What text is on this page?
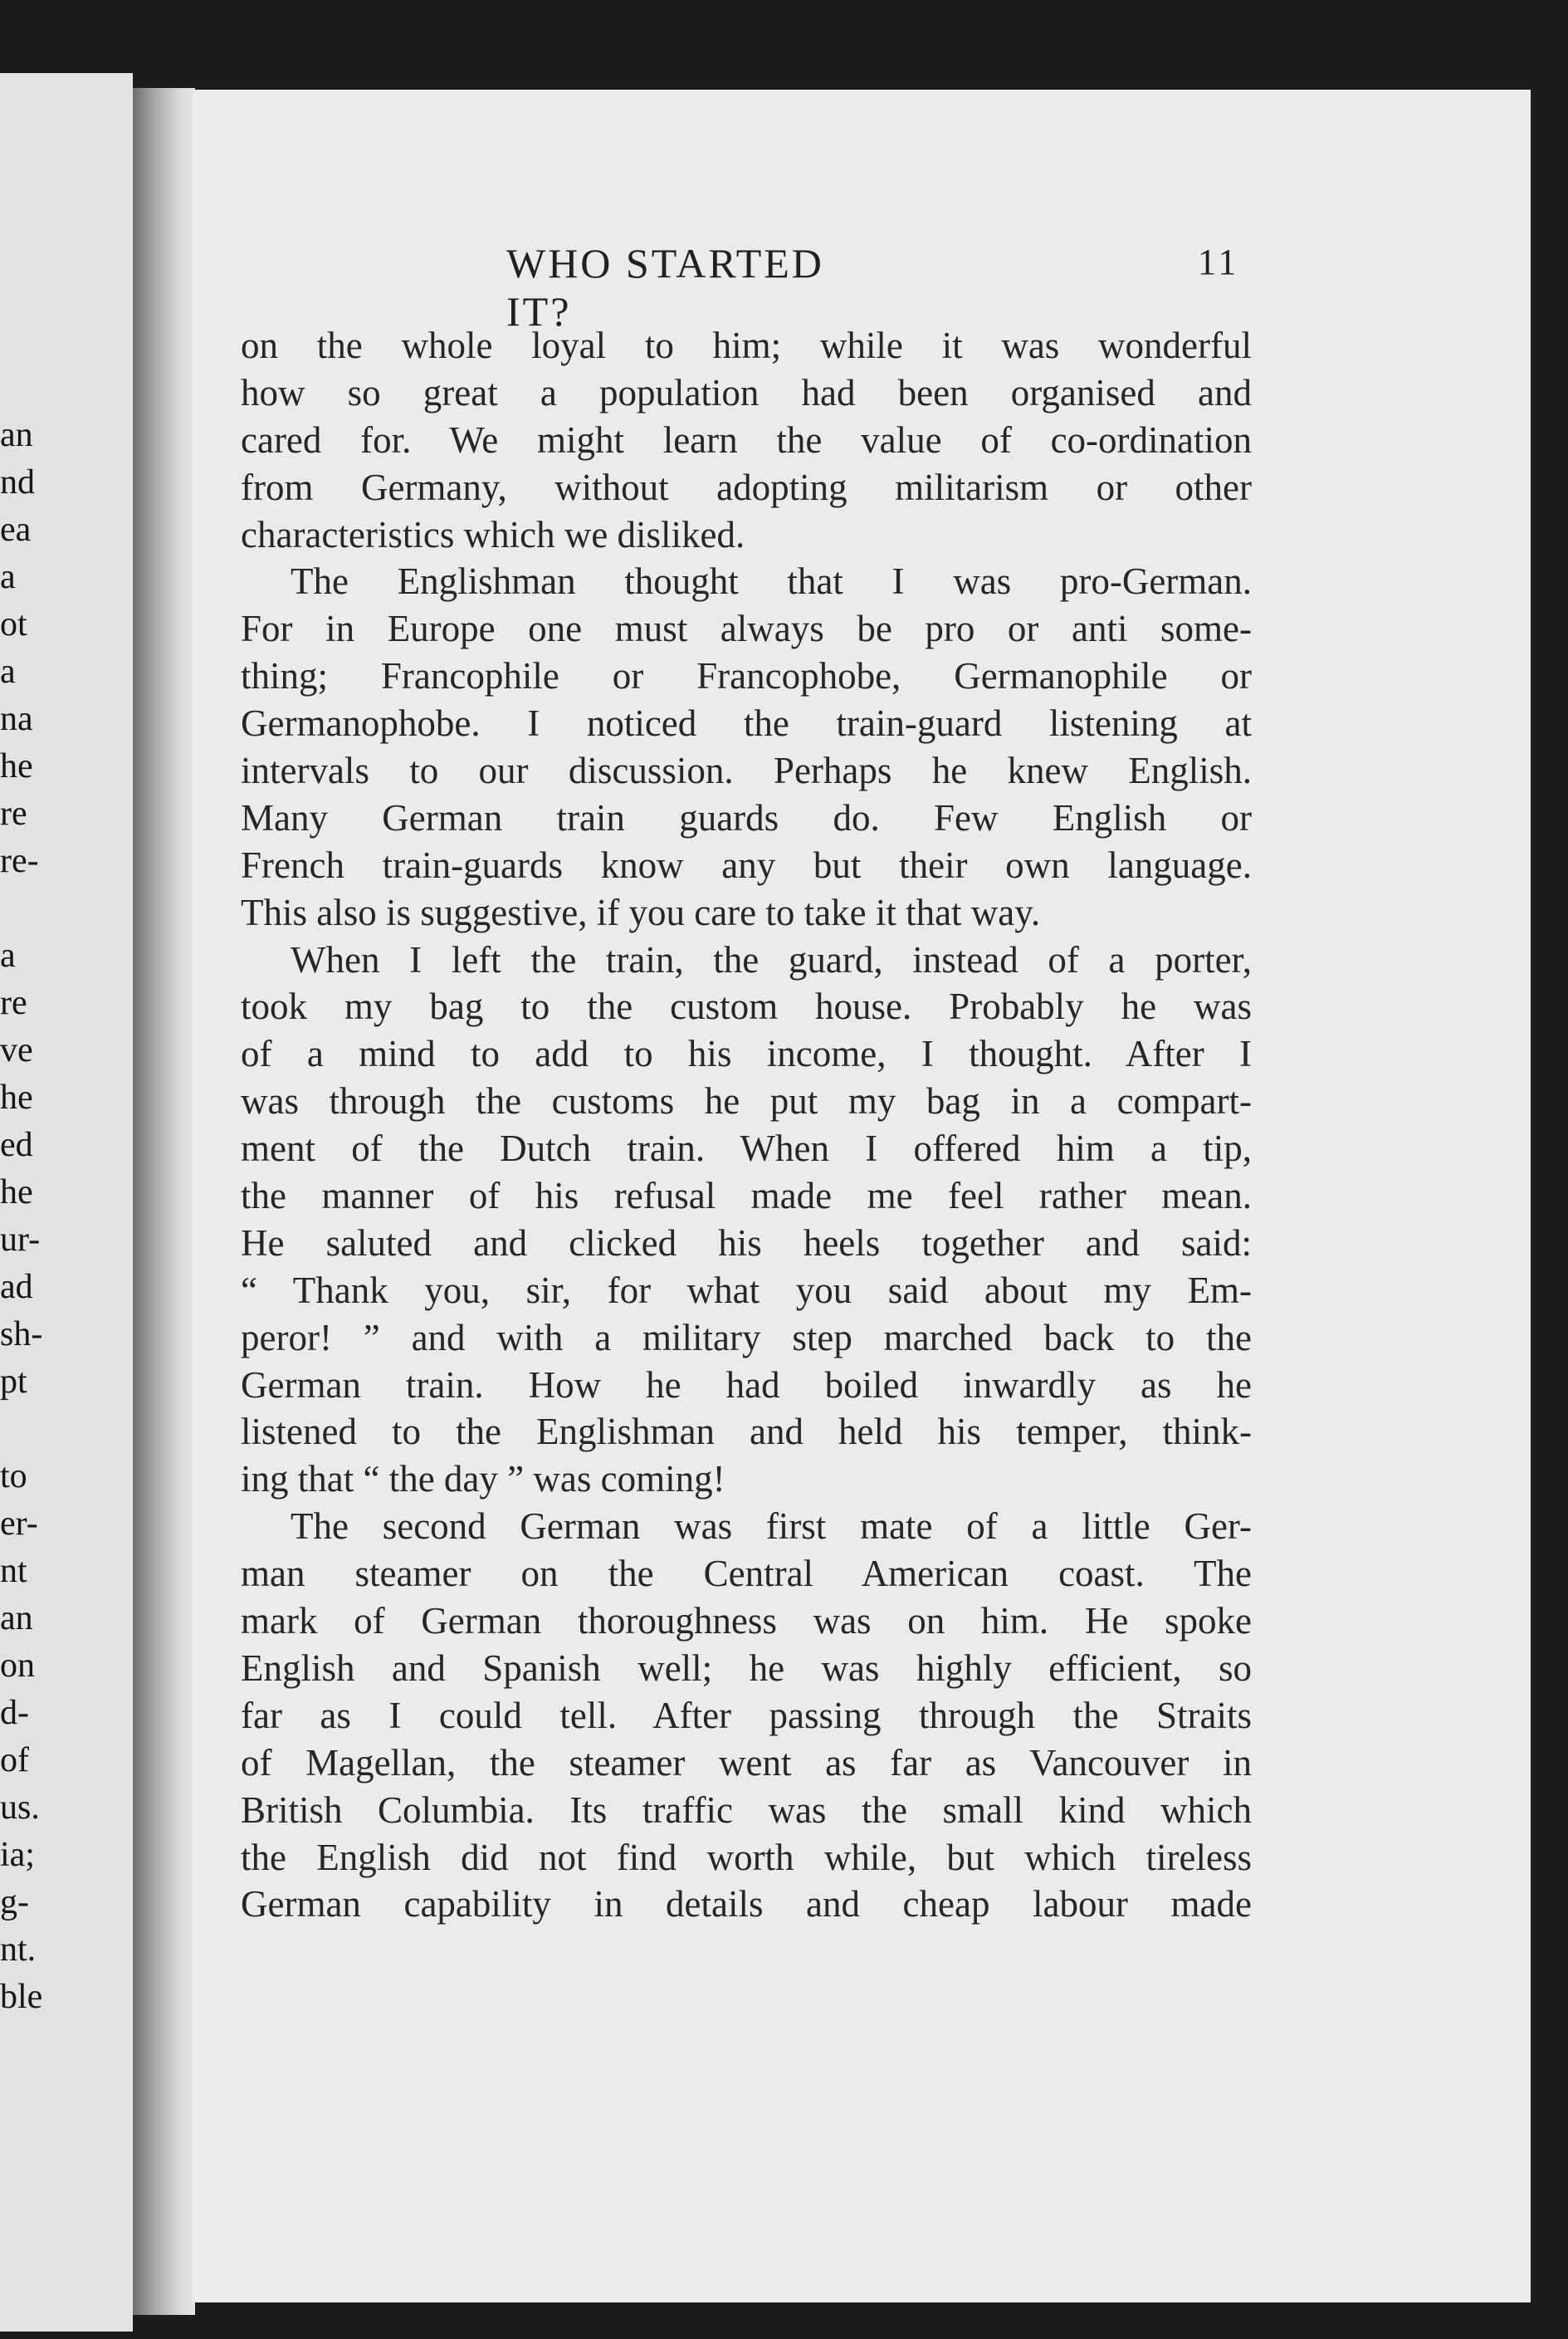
an
nd
ea
a
ot
a
na
he
re
re-
a
re
ve
he
ed
he
ur-
ad
sh-
pt
to
er-
nt
an
on
d-
of
us.
ia;
g-
nt.
ble
WHO STARTED IT?
11
on the whole loyal to him; while it was wonderful
how so great a population had been organised and
cared for. We might learn the value of co-ordination
from Germany, without adopting militarism or other
characteristics which we disliked.
The Englishman thought that I was pro-German.
For in Europe one must always be pro or anti some-
thing; Francophile or Francophobe, Germanophile or
Germanophobe. I noticed the train-guard listening at
intervals to our discussion. Perhaps he knew English.
Many German train guards do. Few English or
French train-guards know any but their own language.
This also is suggestive, if you care to take it that way.
When I left the train, the guard, instead of a porter,
took my bag to the custom house. Probably he was
of a mind to add to his income, I thought. After I
was through the customs he put my bag in a compart-
ment of the Dutch train. When I offered him a tip,
the manner of his refusal made me feel rather mean.
He saluted and clicked his heels together and said:
“ Thank you, sir, for what you said about my Em-
peror! ” and with a military step marched back to the
German train. How he had boiled inwardly as he
listened to the Englishman and held his temper, think-
ing that “ the day ” was coming!
The second German was first mate of a little Ger-
man steamer on the Central American coast. The
mark of German thoroughness was on him. He spoke
English and Spanish well; he was highly efficient, so
far as I could tell. After passing through the Straits
of Magellan, the steamer went as far as Vancouver in
British Columbia. Its traffic was the small kind which
the English did not find worth while, but which tireless
German capability in details and cheap labour made
